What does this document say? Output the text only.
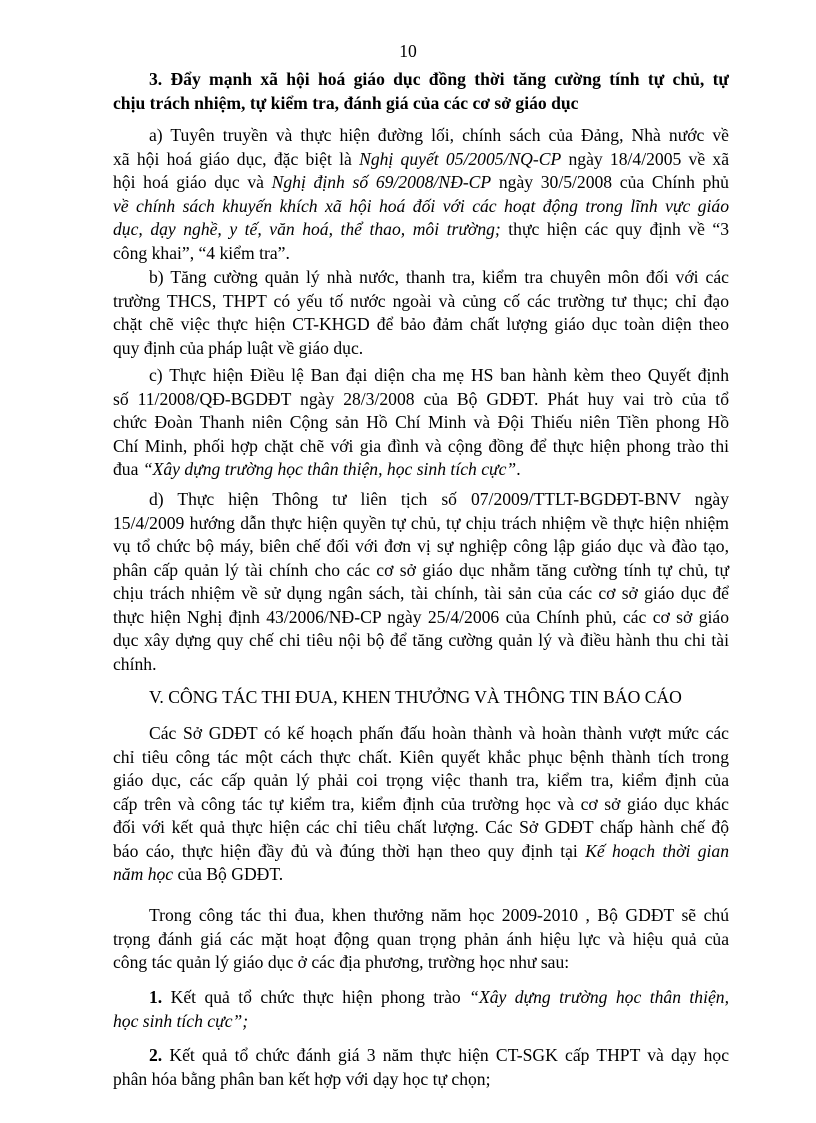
10
3. Đẩy mạnh xã hội hoá giáo dục đồng thời tăng cường tính tự chủ, tự
chịu trách nhiệm, tự kiểm tra, đánh giá của các cơ sở giáo dục
a) Tuyên truyền và thực hiện đường lối, chính sách của Đảng, Nhà nước về
xã hội hoá giáo dục, đặc biệt là Nghị quyết 05/2005/NQ-CP ngày 18/4/2005 về xã
hội hoá giáo dục và Nghị định số 69/2008/NĐ-CP ngày 30/5/2008 của Chính phủ
về chính sách khuyến khích xã hội hoá đối với các hoạt động trong lĩnh vực giáo
dục, dạy nghề, y tế, văn hoá, thể thao, môi trường; thực hiện các quy định về “3
công khai”, “4 kiểm tra”.
b) Tăng cường quản lý nhà nước, thanh tra, kiểm tra chuyên môn đối với các
trường THCS, THPT có yếu tố nước ngoài và củng cố các trường tư thục; chỉ đạo
chặt chẽ việc thực hiện CT-KHGD để bảo đảm chất lượng giáo dục toàn diện theo
quy định của pháp luật về giáo dục.
c) Thực hiện Điều lệ Ban đại diện cha mẹ HS ban hành kèm theo Quyết định
số 11/2008/QĐ-BGDĐT ngày 28/3/2008 của Bộ GDĐT. Phát huy vai trò của tổ
chức Đoàn Thanh niên Cộng sản Hồ Chí Minh và Đội Thiếu niên Tiền phong Hồ
Chí Minh, phối hợp chặt chẽ với gia đình và cộng đồng để thực hiện phong trào thi
đua “Xây dựng trường học thân thiện, học sinh tích cực”.
d) Thực hiện Thông tư liên tịch số 07/2009/TTLT-BGDĐT-BNV ngày
15/4/2009 hướng dẫn thực hiện quyền tự chủ, tự chịu trách nhiệm về thực hiện nhiệm
vụ tổ chức bộ máy, biên chế đối với đơn vị sự nghiệp công lập giáo dục và đào tạo,
phân cấp quản lý tài chính cho các cơ sở giáo dục nhằm tăng cường tính tự chủ, tự
chịu trách nhiệm về sử dụng ngân sách, tài chính, tài sản của các cơ sở giáo dục để
thực hiện Nghị định 43/2006/NĐ-CP ngày 25/4/2006 của Chính phủ, các cơ sở giáo
dục xây dựng quy chế chi tiêu nội bộ để tăng cường quản lý và điều hành thu chi tài
chính.
V. CÔNG TÁC THI ĐUA, KHEN THƯỞNG VÀ THÔNG TIN BÁO CÁO
Các Sở GDĐT có kế hoạch phấn đấu hoàn thành và hoàn thành vượt mức các
chỉ tiêu công tác một cách thực chất. Kiên quyết khắc phục bệnh thành tích trong
giáo dục, các cấp quản lý phải coi trọng việc thanh tra, kiểm tra, kiểm định của
cấp trên và công tác tự kiểm tra, kiểm định của trường học và cơ sở giáo dục khác
đối với kết quả thực hiện các chỉ tiêu chất lượng. Các Sở GDĐT chấp hành chế độ
báo cáo, thực hiện đầy đủ và đúng thời hạn theo quy định tại Kế hoạch thời gian
năm học của Bộ GDĐT.
Trong công tác thi đua, khen thưởng năm học 2009-2010 , Bộ GDĐT sẽ chú
trọng đánh giá các mặt hoạt động quan trọng phản ánh hiệu lực và hiệu quả của
công tác quản lý giáo dục ở các địa phương, trường học như sau:
1. Kết quả tổ chức thực hiện phong trào “Xây dựng trường học thân thiện,
học sinh tích cực”;
2. Kết quả tổ chức đánh giá 3 năm thực hiện CT-SGK cấp THPT và dạy học
phân hóa bằng phân ban kết hợp với dạy học tự chọn;
